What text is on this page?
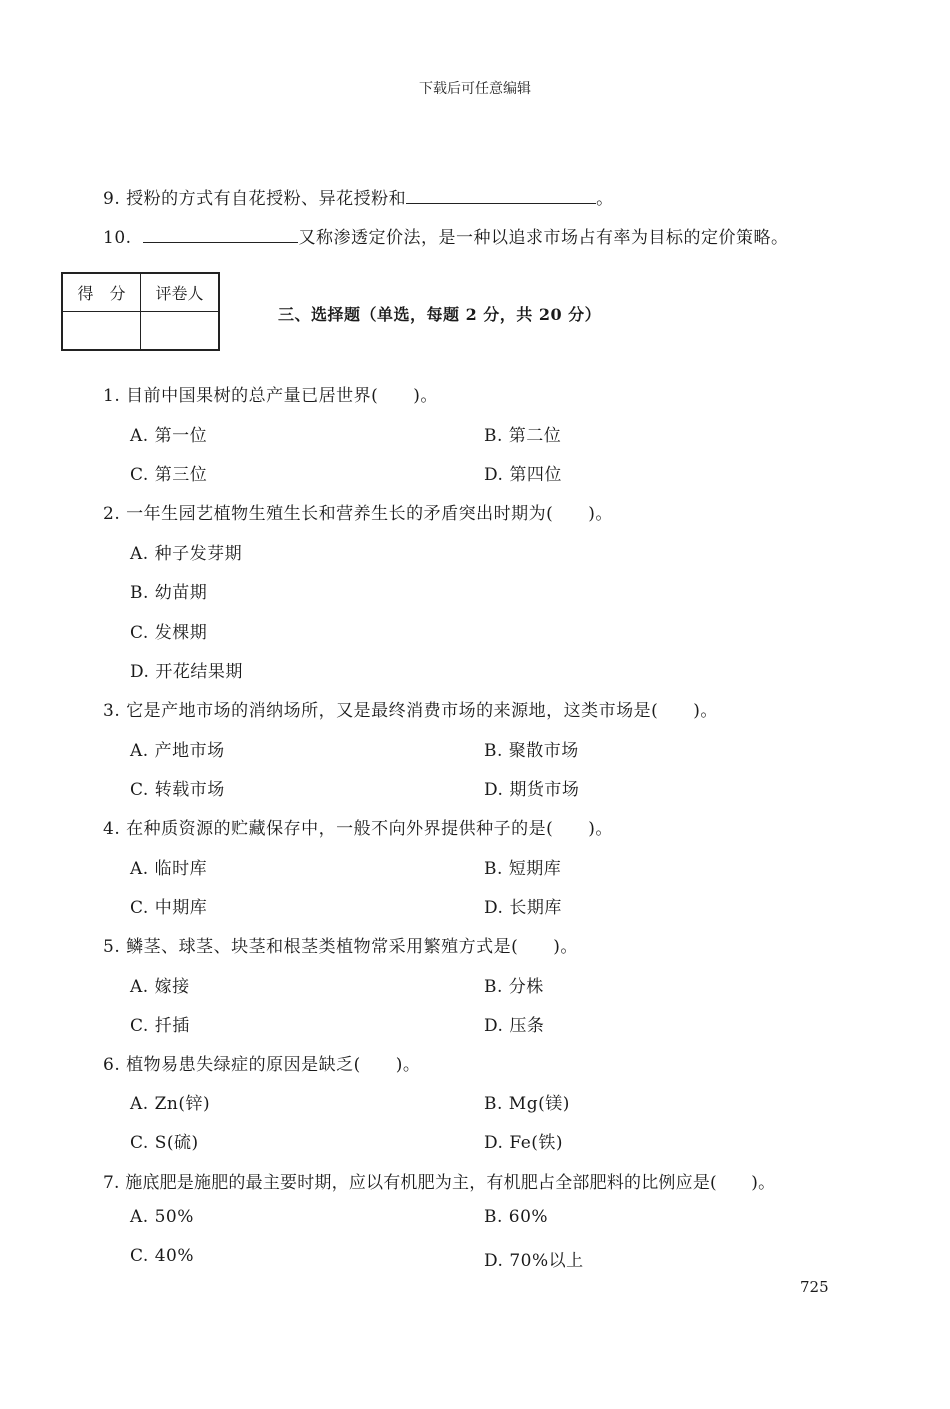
下载后可任意编辑
9. 授粉的方式有自花授粉、异花授粉和	。
10.	又称渗透定价法，是一种以追求市场占有率为目标的定价策略。
得　分	评卷人

三、选择题（单选，每题 2 分，共 20 分）
1. 目前中国果树的总产量已居世界(　　)。
A. 第一位	B. 第二位
C. 第三位	D. 第四位
2. 一年生园艺植物生殖生长和营养生长的矛盾突出时期为(　　)。
A. 种子发芽期
B. 幼苗期
C. 发棵期
D. 开花结果期
3. 它是产地市场的消纳场所，又是最终消费市场的来源地，这类市场是(　　)。
A. 产地市场	B. 聚散市场
C. 转载市场	D. 期货市场
4. 在种质资源的贮藏保存中，一般不向外界提供种子的是(　　)。
A. 临时库	B. 短期库
C. 中期库	D. 长期库
5. 鳞茎、球茎、块茎和根茎类植物常采用繁殖方式是(　　)。
A. 嫁接	B. 分株
C. 扦插	D. 压条
6. 植物易患失绿症的原因是缺乏(　　)。
A. Zn(锌)	B. Mg(镁)
C. S(硫)	D. Fe(铁)
7. 施底肥是施肥的最主要时期，应以有机肥为主，有机肥占全部肥料的比例应是(　　)。
A. 50%	B. 60%
C. 40%	D. 70%以上
725
